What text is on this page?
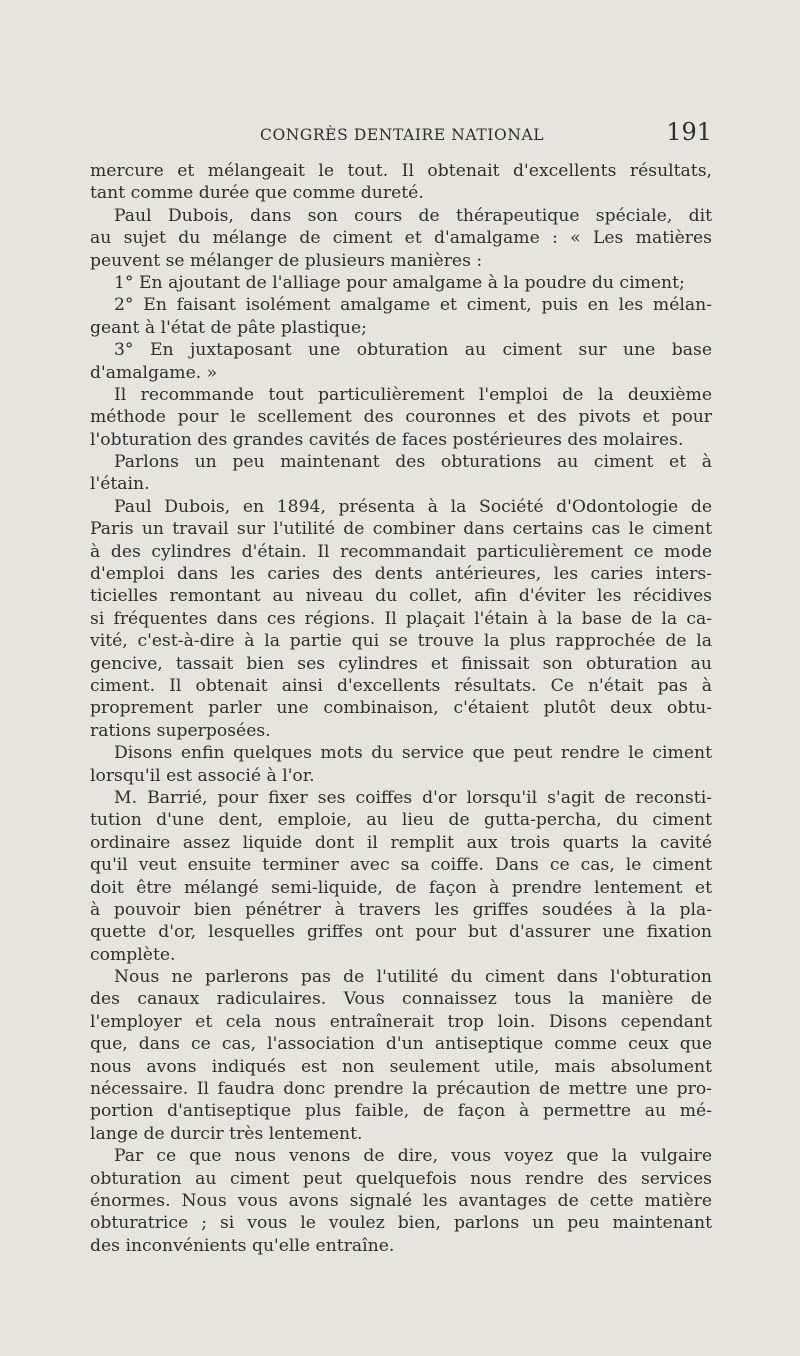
CONGRÈS DENTAIRE NATIONAL	191
mercure et mélangeait le tout. Il obtenait d'excellents résultats,
tant comme durée que comme dureté.
Paul Dubois, dans son cours de thérapeutique spéciale, dit
au sujet du mélange de ciment et d'amalgame : « Les matières
peuvent se mélanger de plusieurs manières :
1° En ajoutant de l'alliage pour amalgame à la poudre du ciment;
2° En faisant isolément amalgame et ciment, puis en les mélan-
geant à l'état de pâte plastique;
3° En juxtaposant une obturation au ciment sur une base
d'amalgame. »
Il recommande tout particulièrement l'emploi de la deuxième
méthode pour le scellement des couronnes et des pivots et pour
l'obturation des grandes cavités de faces postérieures des molaires.
Parlons un peu maintenant des obturations au ciment et à
l'étain.
Paul Dubois, en 1894, présenta à la Société d'Odontologie de
Paris un travail sur l'utilité de combiner dans certains cas le ciment
à des cylindres d'étain. Il recommandait particulièrement ce mode
d'emploi dans les caries des dents antérieures, les caries inters-
ticielles remontant au niveau du collet, afin d'éviter les récidives
si fréquentes dans ces régions. Il plaçait l'étain à la base de la ca-
vité, c'est-à-dire à la partie qui se trouve la plus rapprochée de la
gencive, tassait bien ses cylindres et finissait son obturation au
ciment. Il obtenait ainsi d'excellents résultats. Ce n'était pas à
proprement parler une combinaison, c'étaient plutôt deux obtu-
rations superposées.
Disons enfin quelques mots du service que peut rendre le ciment
lorsqu'il est associé à l'or.
M. Barrié, pour fixer ses coiffes d'or lorsqu'il s'agit de reconsti-
tution d'une dent, emploie, au lieu de gutta-percha, du ciment
ordinaire assez liquide dont il remplit aux trois quarts la cavité
qu'il veut ensuite terminer avec sa coiffe. Dans ce cas, le ciment
doit être mélangé semi-liquide, de façon à prendre lentement et
à pouvoir bien pénétrer à travers les griffes soudées à la pla-
quette d'or, lesquelles griffes ont pour but d'assurer une fixation
complète.
Nous ne parlerons pas de l'utilité du ciment dans l'obturation
des canaux radiculaires. Vous connaissez tous la manière de
l'employer et cela nous entraînerait trop loin. Disons cependant
que, dans ce cas, l'association d'un antiseptique comme ceux que
nous avons indiqués est non seulement utile, mais absolument
nécessaire. Il faudra donc prendre la précaution de mettre une pro-
portion d'antiseptique plus faible, de façon à permettre au mé-
lange de durcir très lentement.
Par ce que nous venons de dire, vous voyez que la vulgaire
obturation au ciment peut quelquefois nous rendre des services
énormes. Nous vous avons signalé les avantages de cette matière
obturatrice ; si vous le voulez bien, parlons un peu maintenant
des inconvénients qu'elle entraîne.
